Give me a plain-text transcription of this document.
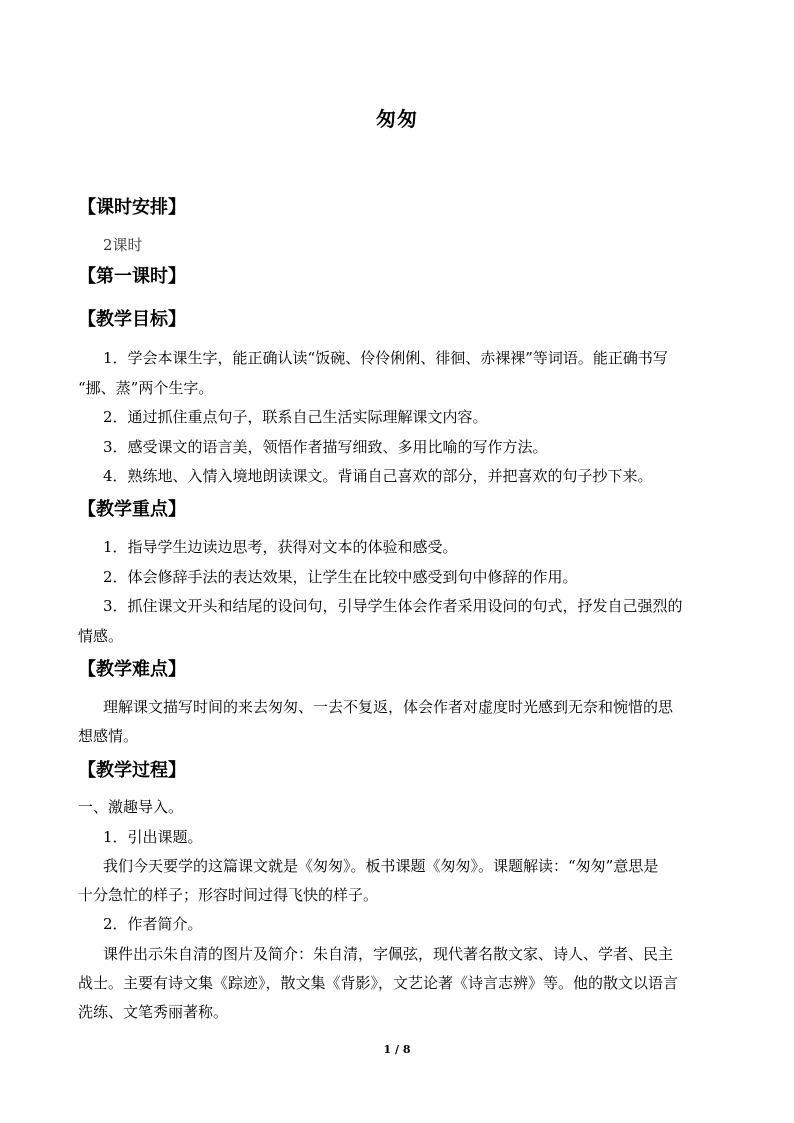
匆匆
【课时安排】
2课时
【第一课时】
【教学目标】
1．学会本课生字，能正确认读“饭碗、伶伶俐俐、徘徊、赤裸裸”等词语。能正确书写
“挪、蒸”两个生字。
2．通过抓住重点句子，联系自己生活实际理解课文内容。
3．感受课文的语言美，领悟作者描写细致、多用比喻的写作方法。
4．熟练地、入情入境地朗读课文。背诵自己喜欢的部分，并把喜欢的句子抄下来。
【教学重点】
1．指导学生边读边思考，获得对文本的体验和感受。
2．体会修辞手法的表达效果，让学生在比较中感受到句中修辞的作用。
3．抓住课文开头和结尾的设问句，引导学生体会作者采用设问的句式，抒发自己强烈的
情感。
【教学难点】
理解课文描写时间的来去匆匆、一去不复返，体会作者对虚度时光感到无奈和惋惜的思
想感情。
【教学过程】
一、激趣导入。
1．引出课题。
我们今天要学的这篇课文就是《匆匆》。板书课题《匆匆》。课题解读：“匆匆”意思是
十分急忙的样子；形容时间过得飞快的样子。
2．作者简介。
课件出示朱自清的图片及简介：朱自清，字佩弦，现代著名散文家、诗人、学者、民主
战士。主要有诗文集《踪迹》，散文集《背影》，文艺论著《诗言志辨》等。他的散文以语言
洗练、文笔秀丽著称。
1 / 8
